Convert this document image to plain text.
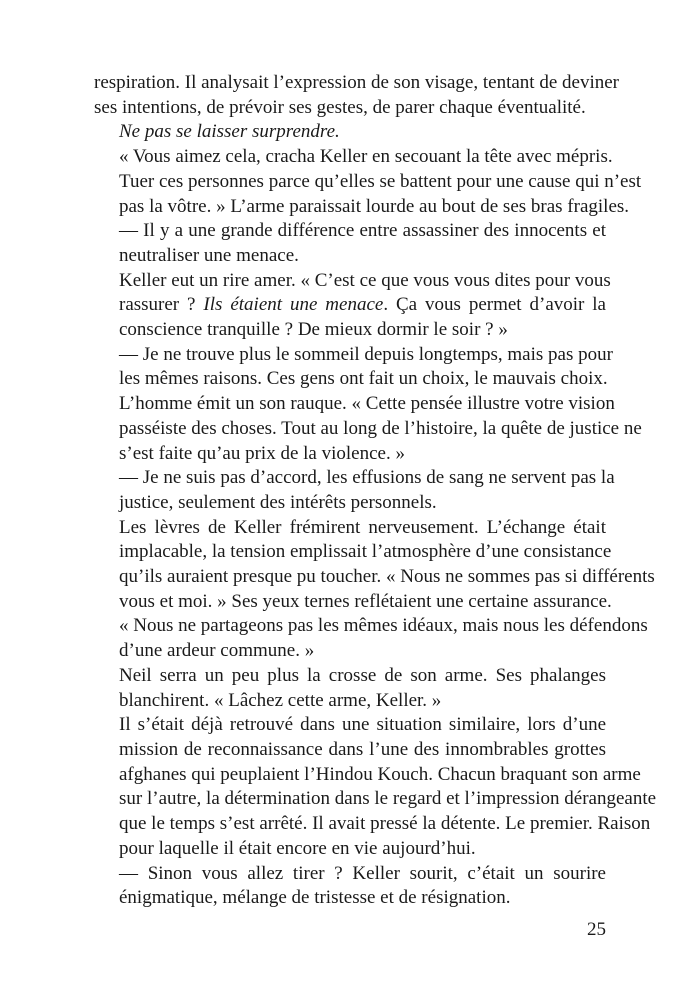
respiration. Il analysait l’expression de son visage, tentant de deviner
ses intentions, de prévoir ses gestes, de parer chaque éventualité.

Ne pas se laisser surprendre.

« Vous aimez cela, cracha Keller en secouant la tête avec mépris.
Tuer ces personnes parce qu’elles se battent pour une cause qui n’est
pas la vôtre. » L’arme paraissait lourde au bout de ses bras fragiles.

— Il y a une grande différence entre assassiner des innocents et
neutraliser une menace.

Keller eut un rire amer. « C’est ce que vous vous dites pour vous
rassurer ? Ils étaient une menace. Ça vous permet d’avoir la
conscience tranquille ? De mieux dormir le soir ? »

— Je ne trouve plus le sommeil depuis longtemps, mais pas pour
les mêmes raisons. Ces gens ont fait un choix, le mauvais choix.

L’homme émit un son rauque. « Cette pensée illustre votre vision
passéiste des choses. Tout au long de l’histoire, la quête de justice ne
s’est faite qu’au prix de la violence. »

— Je ne suis pas d’accord, les effusions de sang ne servent pas la
justice, seulement des intérêts personnels.

Les lèvres de Keller frémirent nerveusement. L’échange était
implacable, la tension emplissait l’atmosphère d’une consistance
qu’ils auraient presque pu toucher. « Nous ne sommes pas si différents
vous et moi. » Ses yeux ternes reflétaient une certaine assurance.
« Nous ne partageons pas les mêmes idéaux, mais nous les défendons
d’une ardeur commune. »

Neil serra un peu plus la crosse de son arme. Ses phalanges
blanchirent. « Lâchez cette arme, Keller. »

Il s’était déjà retrouvé dans une situation similaire, lors d’une
mission de reconnaissance dans l’une des innombrables grottes
afghanes qui peuplaient l’Hindou Kouch. Chacun braquant son arme
sur l’autre, la détermination dans le regard et l’impression dérangeante
que le temps s’est arrêté. Il avait pressé la détente. Le premier. Raison
pour laquelle il était encore en vie aujourd’hui.

— Sinon vous allez tirer ? Keller sourit, c’était un sourire
énigmatique, mélange de tristesse et de résignation.

25
